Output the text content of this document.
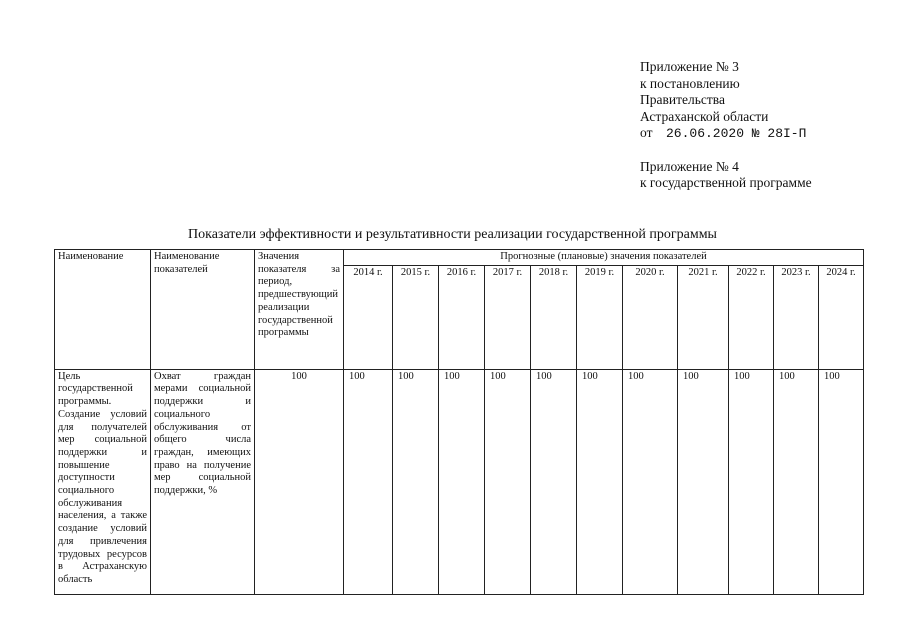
Приложение № 3
к постановлению
Правительства
Астраханской области
от 26.06.2020 № 28I-П
Приложение № 4
к государственной программе
Показатели эффективности и результативности реализации государственной программы
Наименование	Наименование показателей	Значения показателя за период, предшествующий реализации государственной программы	Прогнозные (плановые) значения показателей										
			2014 г.	2015 г.	2016 г.	2017 г.	2018 г.	2019 г.	2020 г.	2021 г.	2022 г.	2023 г.	2024 г.
Цель государственной программы. Создание условий для получателей мер социальной поддержки и повышение доступности социального обслуживания населения, а также создание условий для привлечения трудовых ресурсов в Астраханскую область	Охват граждан мерами социальной поддержки и социального обслуживания от общего числа граждан, имеющих право на получение мер социальной поддержки, %	100	100	100	100	100	100	100	100	100	100	100	100
